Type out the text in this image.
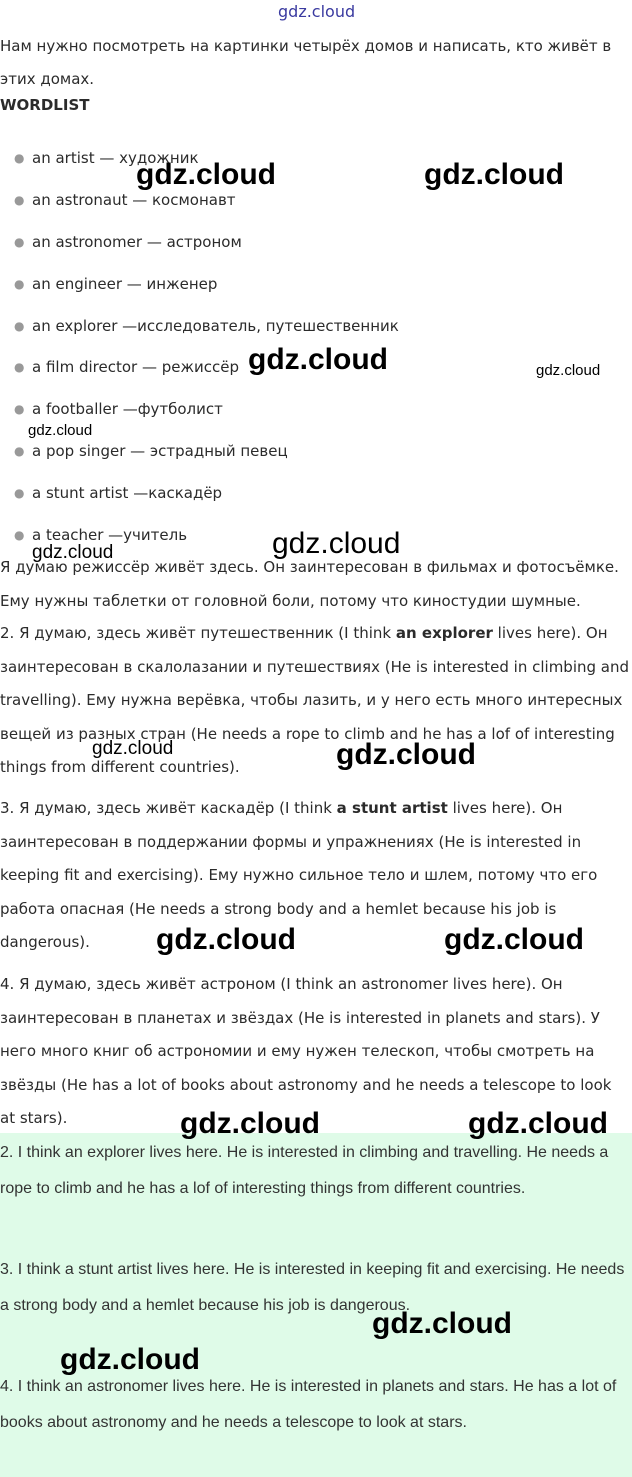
gdz.cloud
Нам нужно посмотреть на картинки четырёх домов и написать, кто живёт в этих домах.
WORDLIST
● an artist — художник
● an astronaut — космонавт
● an astronomer — астроном
● an engineer — инженер
● an explorer —исследователь, путешественник
● a film director — режиссёр
● a footballer —футболист
● a pop singer — эстрадный певец
● a stunt artist —каскадёр
● a teacher —учитель
Я думаю режиссёр живёт здесь. Он заинтересован в фильмах и фотосъёмке. Ему нужны таблетки от головной боли, потому что киностудии шумные.
2. Я думаю, здесь живёт путешественник (I think an explorer lives here). Он заинтересован в скалолазании и путешествиях (He is interested in climbing and travelling). Ему нужна верёвка, чтобы лазить, и у него есть много интересных вещей из разных стран (He needs a rope to climb and he has a lof of interesting things from different countries).
3. Я думаю, здесь живёт каскадёр (I think a stunt artist lives here). Он заинтересован в поддержании формы и упражнениях (He is interested in keeping fit and exercising). Ему нужно сильное тело и шлем, потому что его работа опасная (He needs a strong body and a hemlet because his job is dangerous).
4. Я думаю, здесь живёт астроном (I think an astronomer lives here). Он заинтересован в планетах и звёздах (He is interested in planets and stars). У него много книг об астрономии и ему нужен телескоп, чтобы смотреть на звёзды (He has a lot of books about astronomy and he needs a telescope to look at stars).
2. I think an explorer lives here. He is interested in climbing and travelling. He needs a rope to climb and he has a lof of interesting things from different countries.
3. I think a stunt artist lives here. He is interested in keeping fit and exercising. He needs a strong body and a hemlet because his job is dangerous.
4. I think an astronomer lives here. He is interested in planets and stars. He has a lot of books about astronomy and he needs a telescope to look at stars.
gdz.cloud	gdz.cloud
gdz.cloud	gdz.cloud
gdz.cloud
gdz.cloud
gdz.cloud
gdz.cloud	gdz.cloud
gdz.cloud	gdz.cloud
gdz.cloud	gdz.cloud
gdz.cloud
gdz.cloud
